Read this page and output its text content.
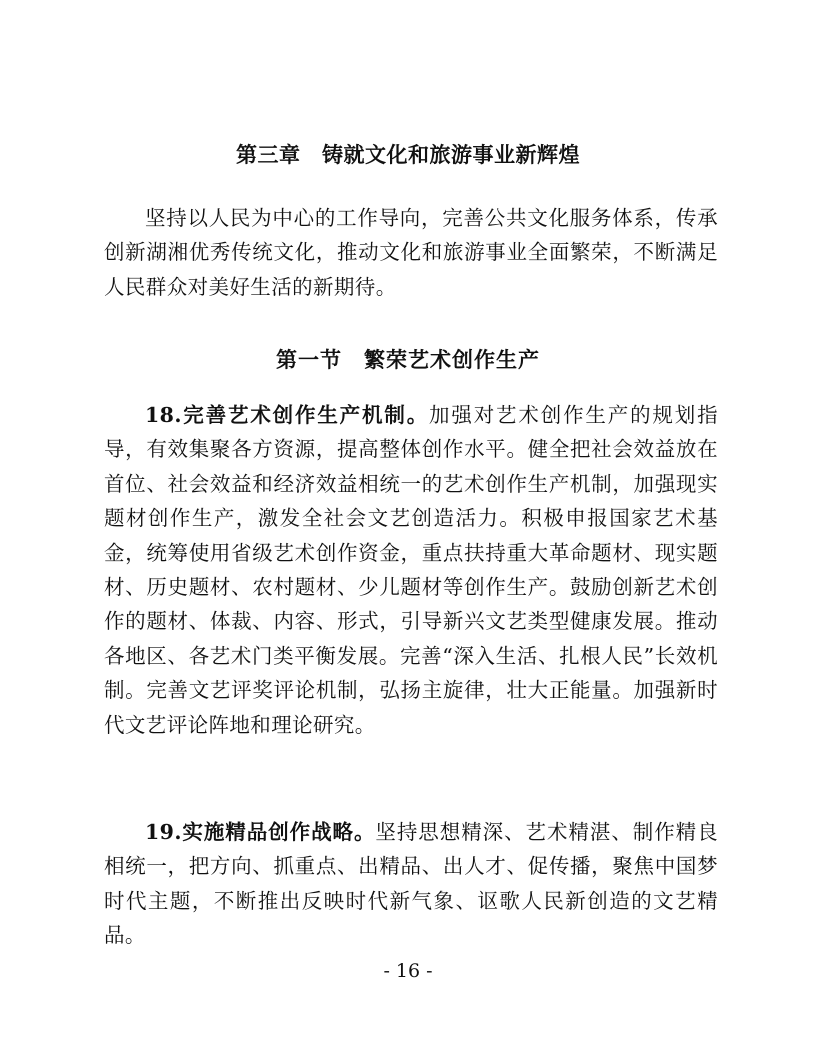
第三章　铸就文化和旅游事业新辉煌

坚持以人民为中心的工作导向，完善公共文化服务体系，传承创新湖湘优秀传统文化，推动文化和旅游事业全面繁荣，不断满足人民群众对美好生活的新期待。

第一节　繁荣艺术创作生产

18.完善艺术创作生产机制。加强对艺术创作生产的规划指导，有效集聚各方资源，提高整体创作水平。健全把社会效益放在首位、社会效益和经济效益相统一的艺术创作生产机制，加强现实题材创作生产，激发全社会文艺创造活力。积极申报国家艺术基金，统筹使用省级艺术创作资金，重点扶持重大革命题材、现实题材、历史题材、农村题材、少儿题材等创作生产。鼓励创新艺术创作的题材、体裁、内容、形式，引导新兴文艺类型健康发展。推动各地区、各艺术门类平衡发展。完善“深入生活、扎根人民”长效机制。完善文艺评奖评论机制，弘扬主旋律，壮大正能量。加强新时代文艺评论阵地和理论研究。

19.实施精品创作战略。坚持思想精深、艺术精湛、制作精良相统一，把方向、抓重点、出精品、出人才、促传播，聚焦中国梦时代主题，不断推出反映时代新气象、讴歌人民新创造的文艺精品。

- 16 -
